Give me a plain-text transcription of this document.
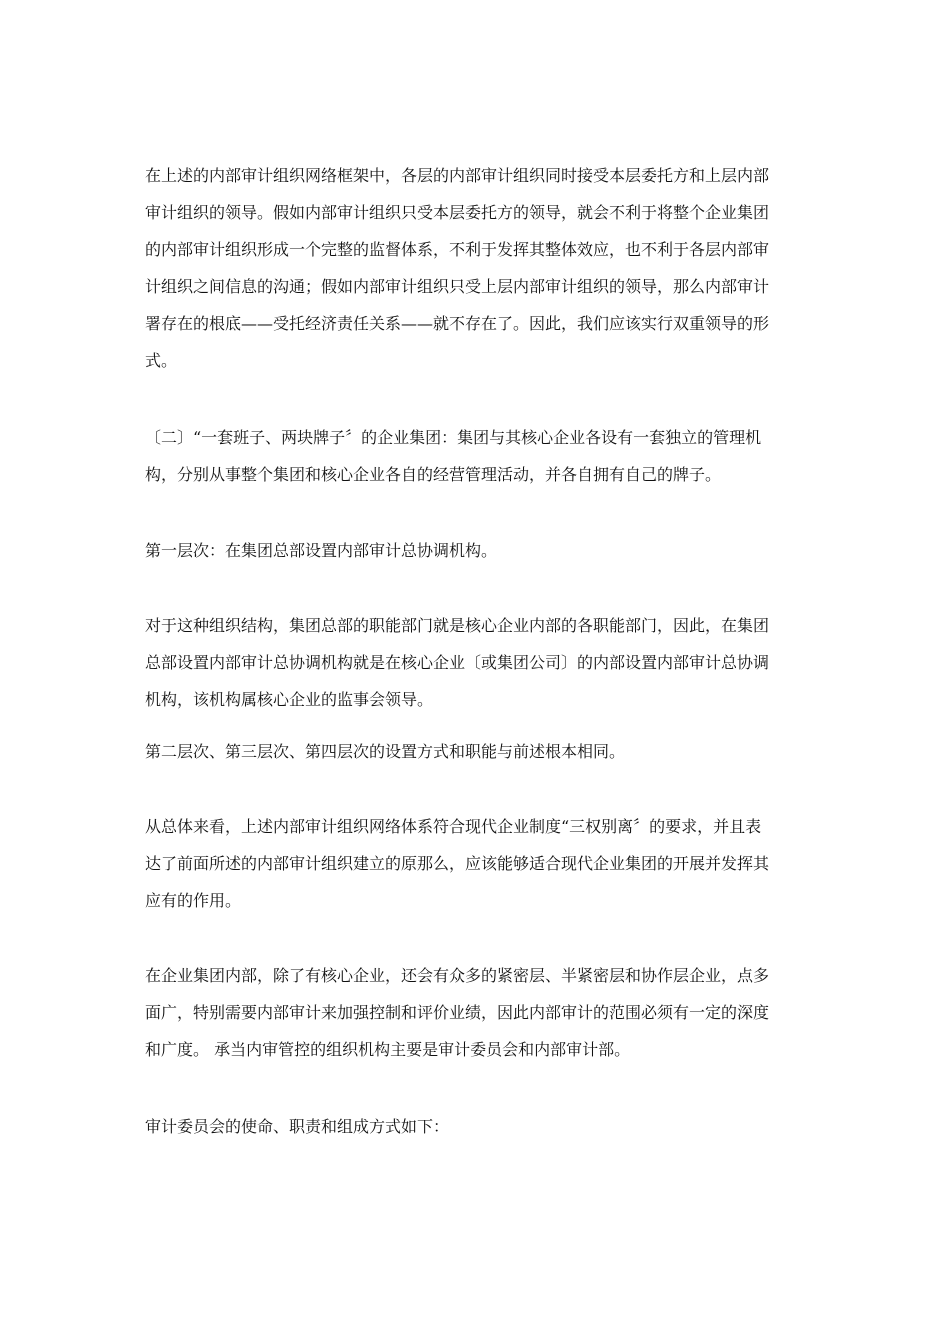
在上述的内部审计组织网络框架中，各层的内部审计组织同时接受本层委托方和上层内部
审计组织的领导。假如内部审计组织只受本层委托方的领导，就会不利于将整个企业集团
的内部审计组织形成一个完整的监督体系，不利于发挥其整体效应，也不利于各层内部审
计组织之间信息的沟通；假如内部审计组织只受上层内部审计组织的领导，那么内部审计
署存在的根底——受托经济责任关系——就不存在了。因此，我们应该实行双重领导的形
式。
〔二〕“一套班子、两块牌子〞的企业集团：集团与其核心企业各设有一套独立的管理机
构，分别从事整个集团和核心企业各自的经营管理活动，并各自拥有自己的牌子。
第一层次：在集团总部设置内部审计总协调机构。
对于这种组织结构，集团总部的职能部门就是核心企业内部的各职能部门，因此，在集团
总部设置内部审计总协调机构就是在核心企业〔或集团公司〕的内部设置内部审计总协调
机构，该机构属核心企业的监事会领导。
第二层次、第三层次、第四层次的设置方式和职能与前述根本相同。
从总体来看，上述内部审计组织网络体系符合现代企业制度“三权别离〞的要求，并且表
达了前面所述的内部审计组织建立的原那么，应该能够适合现代企业集团的开展并发挥其
应有的作用。
在企业集团内部，除了有核心企业，还会有众多的紧密层、半紧密层和协作层企业，点多
面广，特别需要内部审计来加强控制和评价业绩，因此内部审计的范围必须有一定的深度
和广度。 承当内审管控的组织机构主要是审计委员会和内部审计部。
审计委员会的使命、职责和组成方式如下：
